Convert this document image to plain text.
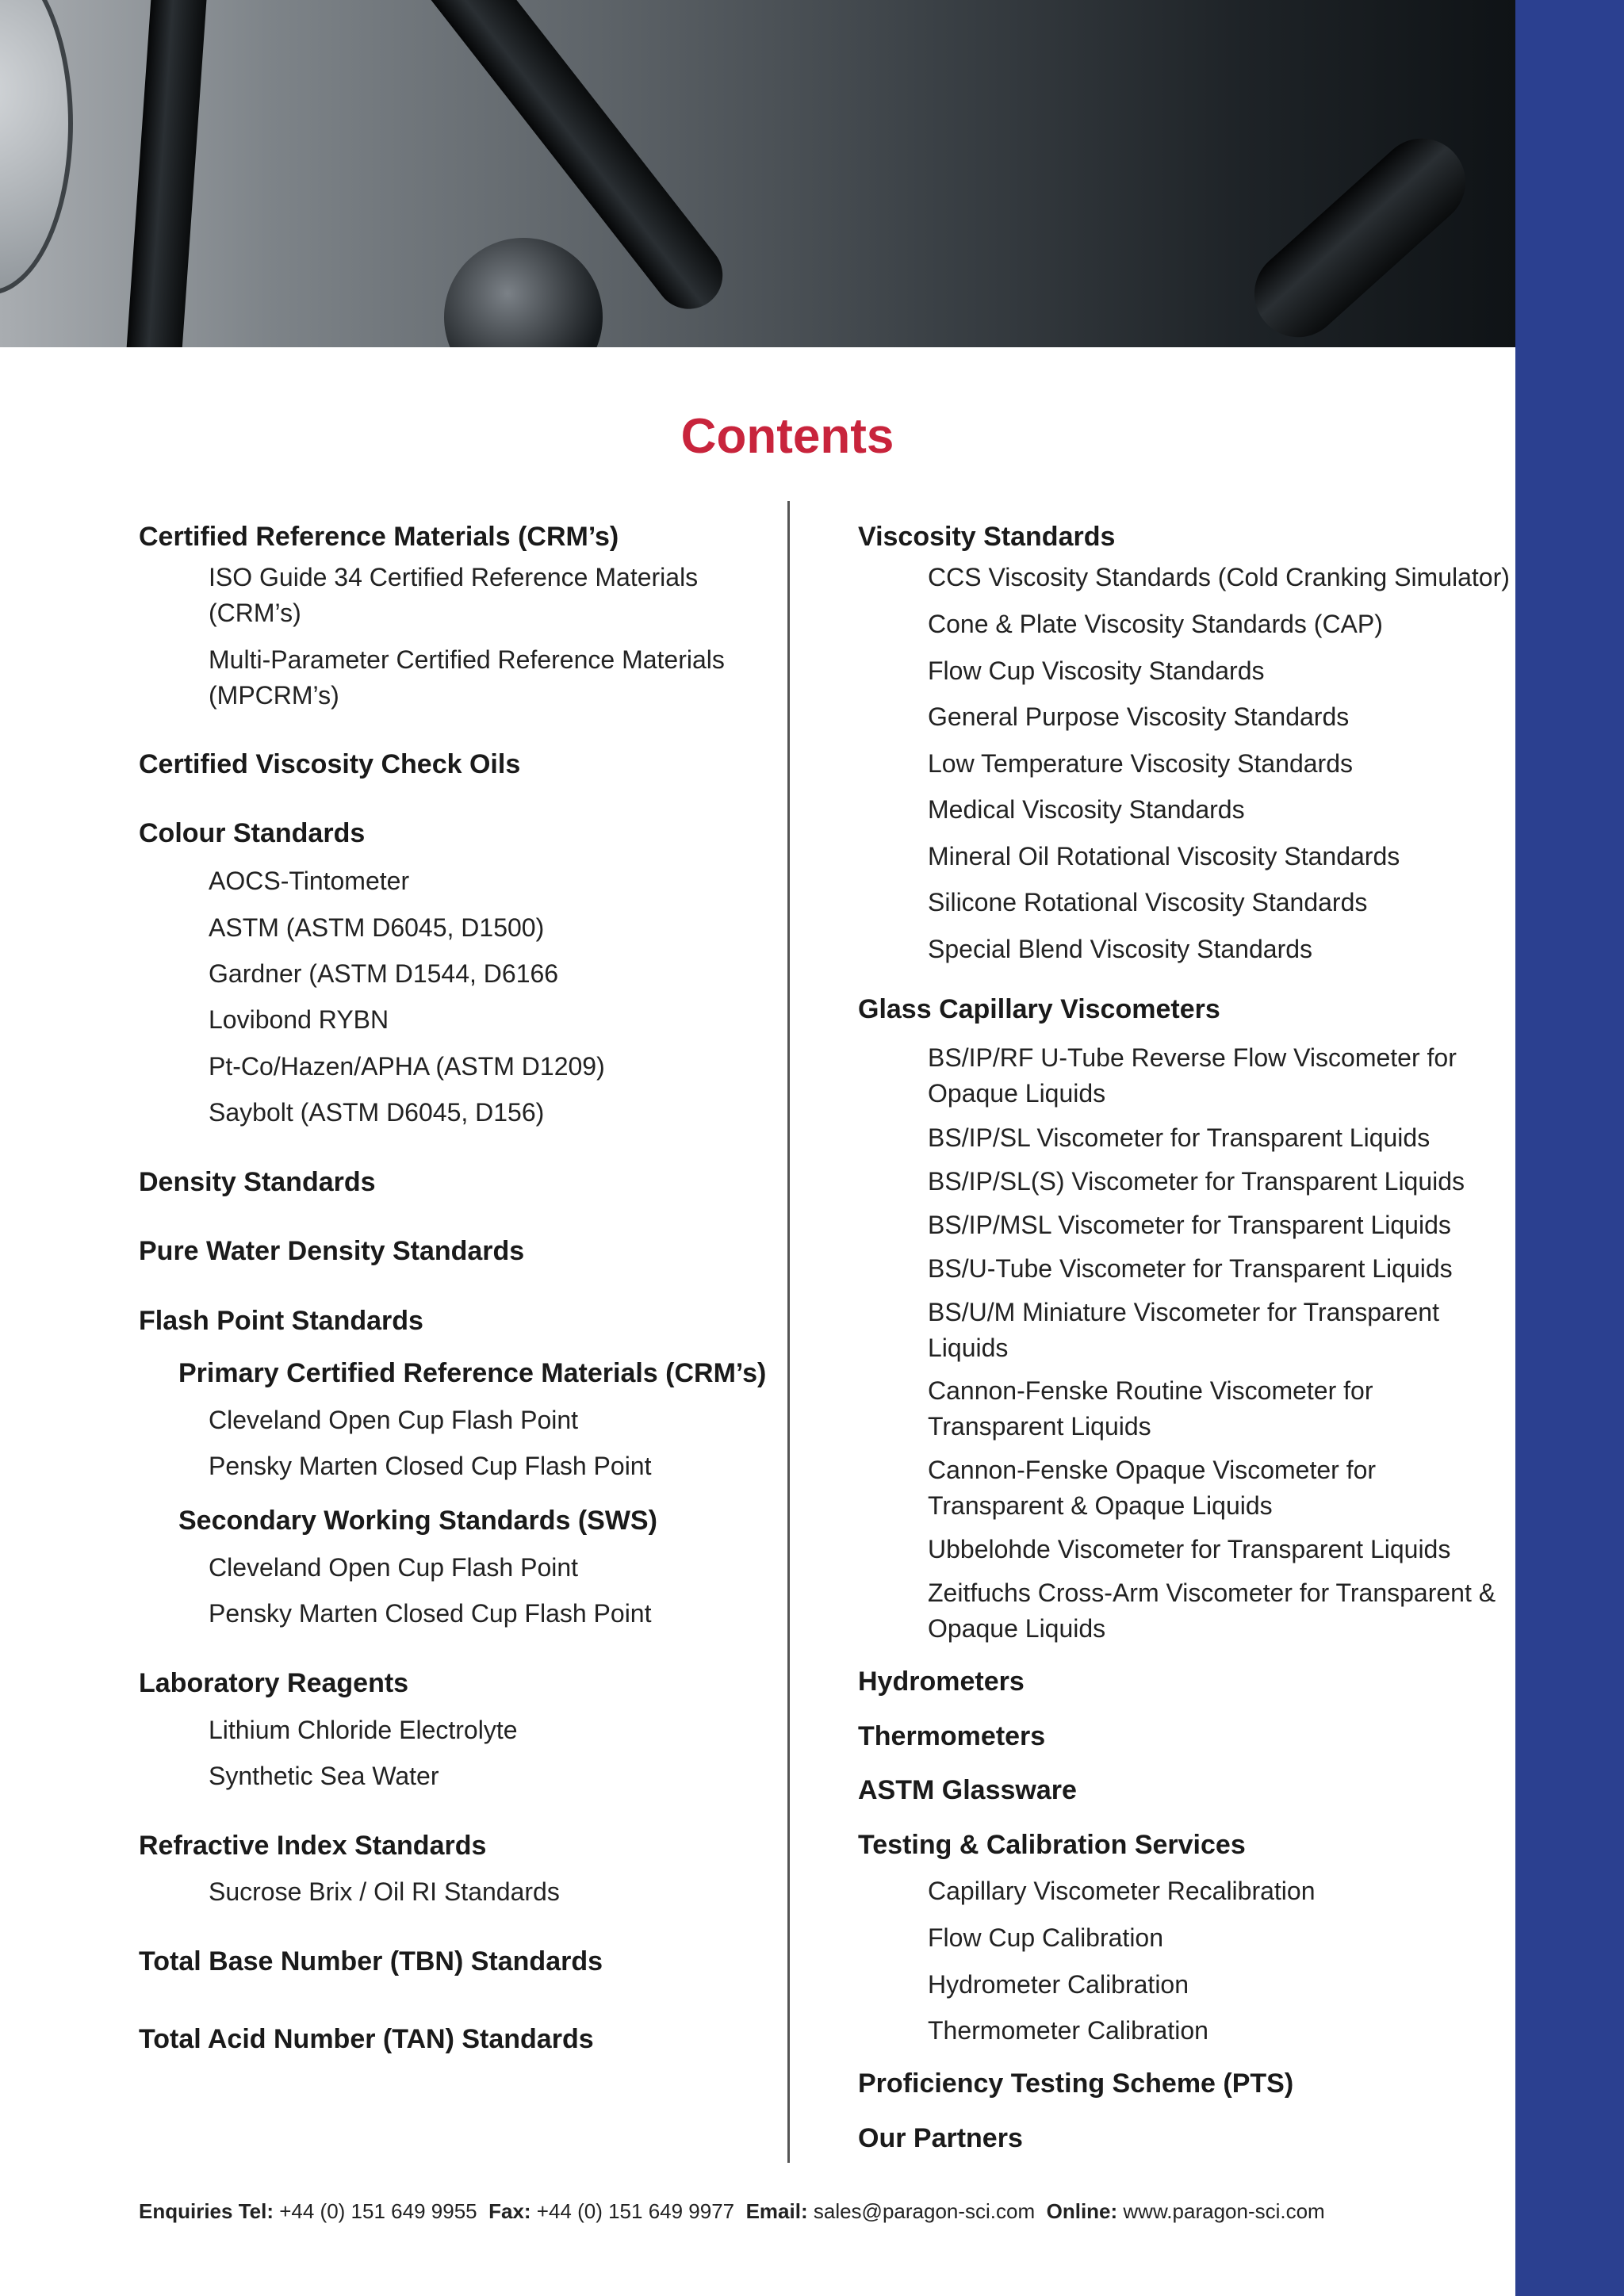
Contents
Certified Reference Materials (CRM’s)
ISO Guide 34 Certified Reference Materials
(CRM’s)
Multi-Parameter Certified Reference Materials
(MPCRM’s)
Certified Viscosity Check Oils
Colour Standards
AOCS-Tintometer
ASTM (ASTM D6045, D1500)
Gardner (ASTM D1544, D6166
Lovibond RYBN
Pt-Co/Hazen/APHA (ASTM D1209)
Saybolt (ASTM D6045, D156)
Density Standards
Pure Water Density Standards
Flash Point Standards
Primary Certified Reference Materials (CRM’s)
Cleveland Open Cup Flash Point
Pensky Marten Closed Cup Flash Point
Secondary Working Standards (SWS)
Cleveland Open Cup Flash Point
Pensky Marten Closed Cup Flash Point
Laboratory Reagents
Lithium Chloride Electrolyte
Synthetic Sea Water
Refractive Index Standards
Sucrose Brix / Oil RI Standards
Total Base Number (TBN) Standards
Total Acid Number (TAN) Standards
Viscosity Standards
CCS Viscosity Standards (Cold Cranking Simulator)
Cone & Plate Viscosity Standards (CAP)
Flow Cup Viscosity Standards
General Purpose Viscosity Standards
Low Temperature Viscosity Standards
Medical Viscosity Standards
Mineral Oil Rotational Viscosity Standards
Silicone Rotational Viscosity Standards
Special Blend Viscosity Standards
Glass Capillary Viscometers
BS/IP/RF U-Tube Reverse Flow Viscometer for
Opaque Liquids
BS/IP/SL Viscometer for Transparent Liquids
BS/IP/SL(S) Viscometer for Transparent Liquids
BS/IP/MSL Viscometer for Transparent Liquids
BS/U-Tube Viscometer for Transparent Liquids
BS/U/M Miniature Viscometer for Transparent
Liquids
Cannon-Fenske Routine Viscometer for
Transparent Liquids
Cannon-Fenske Opaque Viscometer for
Transparent & Opaque Liquids
Ubbelohde Viscometer for Transparent Liquids
Zeitfuchs Cross-Arm Viscometer for Transparent &
Opaque Liquids
Hydrometers
Thermometers
ASTM Glassware
Testing & Calibration Services
Capillary Viscometer Recalibration
Flow Cup Calibration
Hydrometer Calibration
Thermometer Calibration
Proficiency Testing Scheme (PTS)
Our Partners
Enquiries Tel: +44 (0) 151 649 9955 Fax: +44 (0) 151 649 9977 Email: sales@paragon-sci.com Online: www.paragon-sci.com
